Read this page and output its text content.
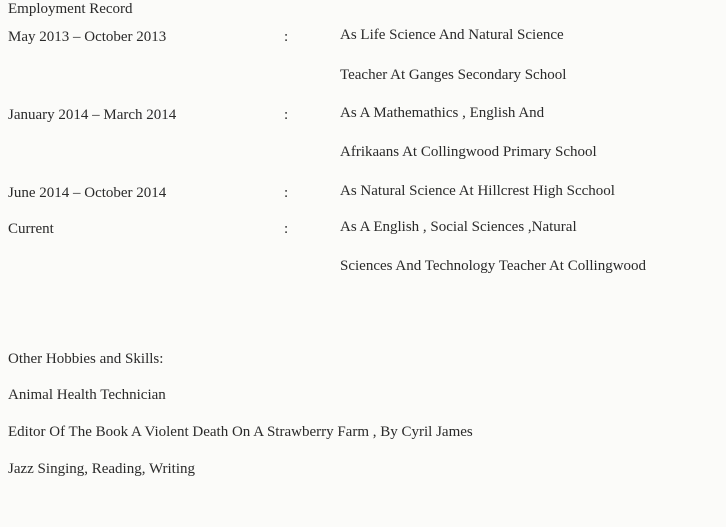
Employment Record
May 2013 – October 2013	:	As Life Science And Natural Science
Teacher At Ganges Secondary School
January 2014 – March 2014	:	As A Mathemathics , English And
Afrikaans At Collingwood Primary School
June 2014 – October 2014	:	As Natural Science At Hillcrest High Scchool
Current	:	As A English , Social Sciences ,Natural
Sciences And Technology Teacher At Collingwood
Other Hobbies and Skills:
Animal Health Technician
Editor Of The Book A Violent Death On A Strawberry Farm , By Cyril James
Jazz Singing, Reading, Writing
